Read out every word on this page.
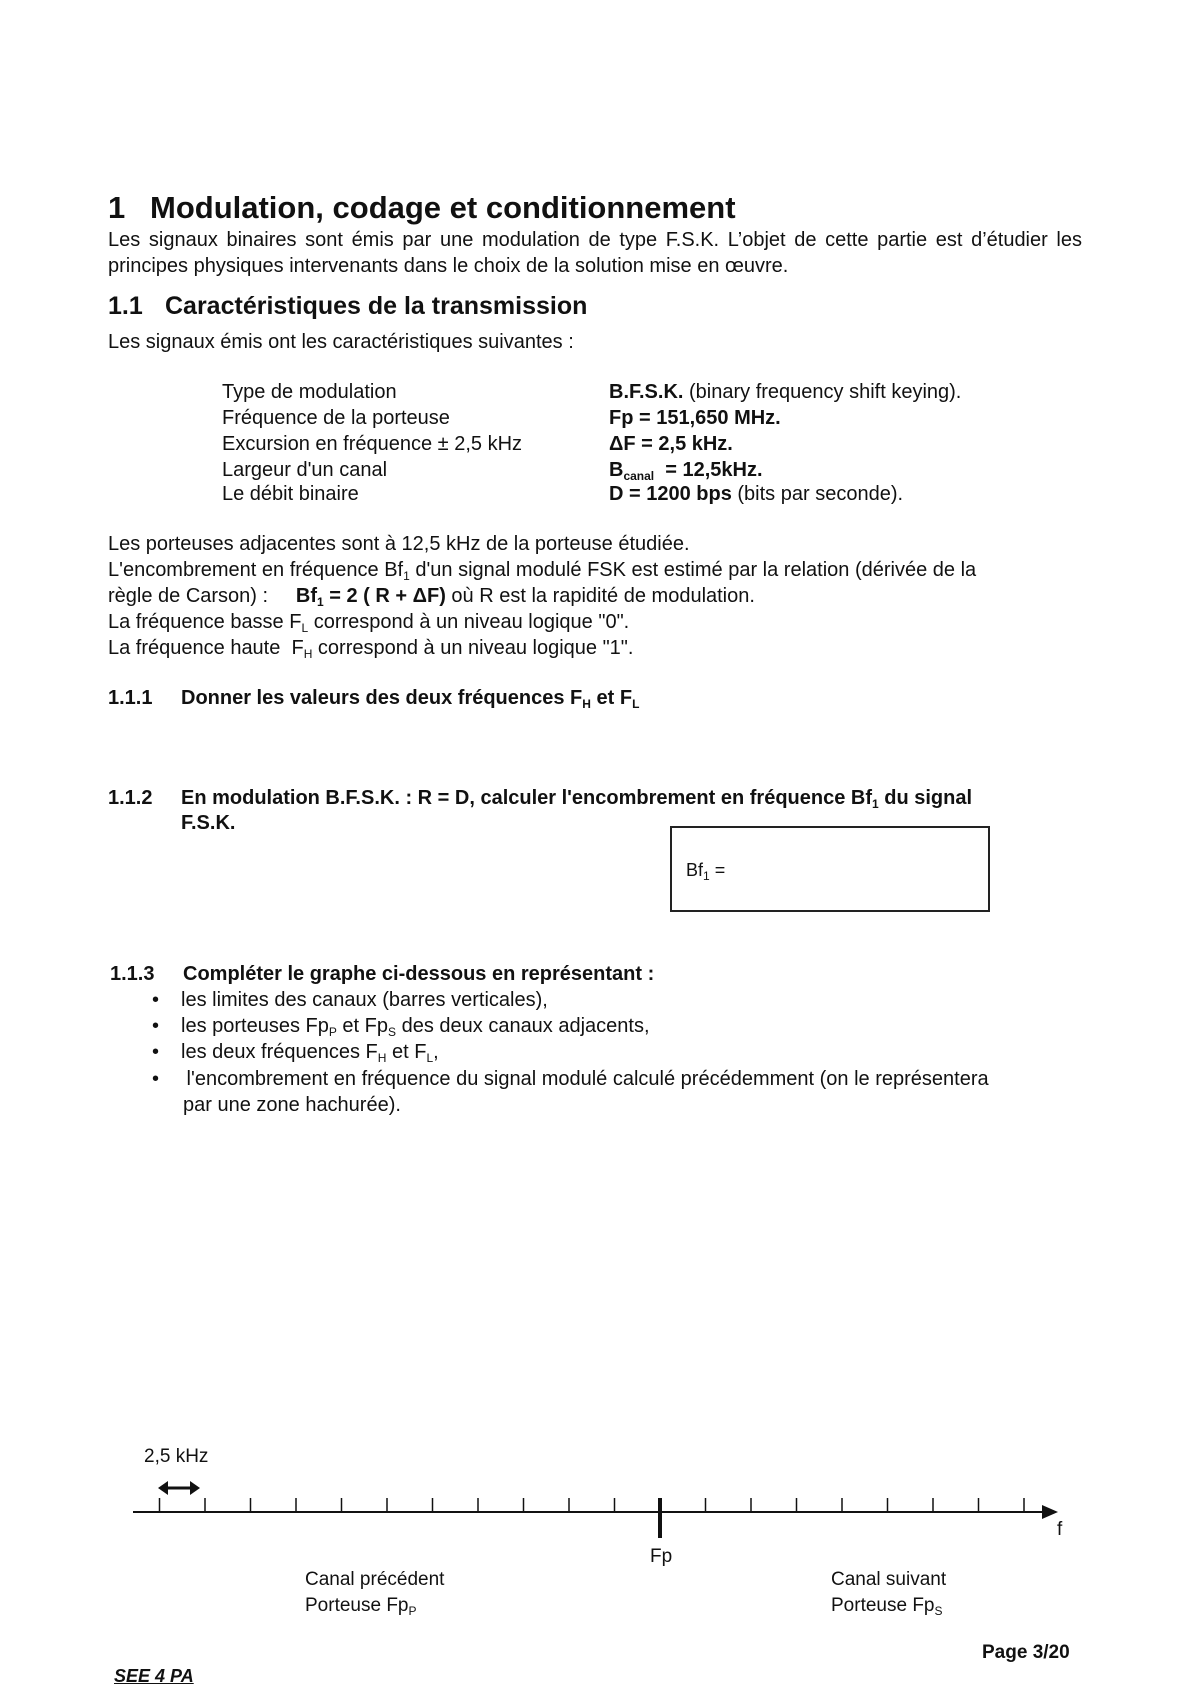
1 Modulation, codage et conditionnement
Les signaux binaires sont émis par une modulation de type F.S.K. L’objet de cette partie est d’étudier les principes physiques intervenants dans le choix de la solution mise en œuvre.
1.1 Caractéristiques de la transmission
Les signaux émis ont les caractéristiques suivantes :
Type de modulation	B.F.S.K. (binary frequency shift keying).
Fréquence de la porteuse	Fp = 151,650 MHz.
Excursion en fréquence ± 2,5 kHz	ΔF = 2,5 kHz.
Largeur d'un canal	$B_{canal} = 12,5kHz$.
Le débit binaire	D = 1200 bps (bits par seconde).
Les porteuses adjacentes sont à 12,5 kHz de la porteuse étudiée.
L'encombrement en fréquence $Bf_1$ d'un signal modulé FSK est estimé par la relation (dérivée de la
règle de Carson) :     $Bf_1 = 2$ ( R + ΔF) où R est la rapidité de modulation.
La fréquence basse $F_L$ correspond à un niveau logique "0".
La fréquence haute  $F_H$ correspond à un niveau logique "1".
1.1.1 Donner les valeurs des deux fréquences $F_H$ et $F_L$
1.1.2 En modulation B.F.S.K. : R = D, calculer l'encombrement en fréquence $Bf_1$ du signal
F.S.K.
$Bf_1$ =
1.1.3 Compléter le graphe ci-dessous en représentant :
• les limites des canaux (barres verticales),
• les porteuses $Fp_P$ et $Fp_S$ des deux canaux adjacents,
• les deux fréquences $F_H$ et $F_L$,
• l'encombrement en fréquence du signal modulé calculé précédemment (on le représentera
par une zone hachurée).
2,5 kHz
f
Fp
Canal précédent
Porteuse $Fp_P$
Canal suivant
Porteuse $Fp_S$
Page 3/20
SEE 4 PA
